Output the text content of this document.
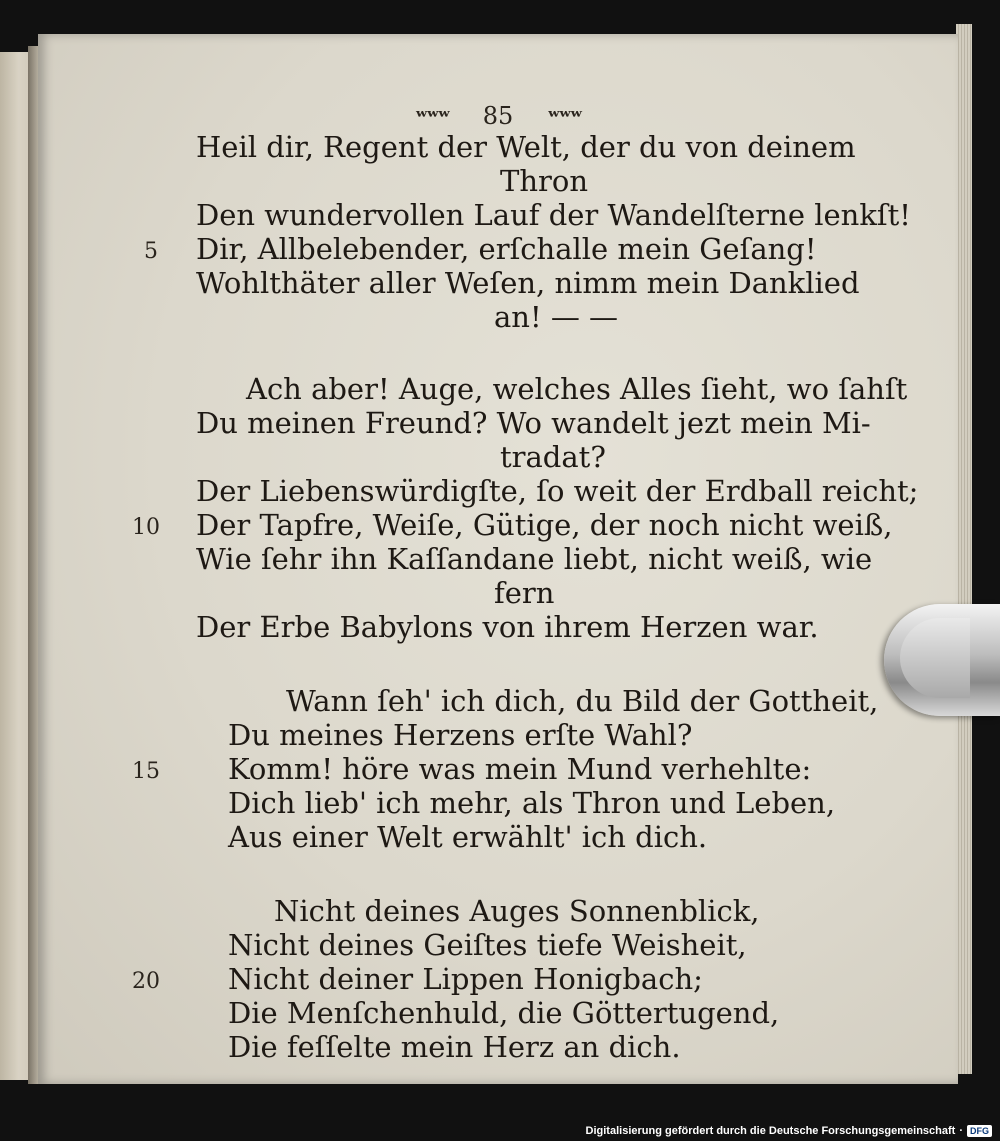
ʷʷʷ 85 ʷʷʷ
Heil dir, Regent der Welt, der du von deinem
Thron
Den wundervollen Lauf der Wandelſterne lenkſt!
Dir, Allbelebender, erſchalle mein Geſang!
Wohlthäter aller Weſen, nimm mein Danklied
an! — —
Ach aber! Auge, welches Alles ſieht, wo ſahſt
Du meinen Freund? Wo wandelt jezt mein Mi-
tradat?
Der Liebenswürdigſte, ſo weit der Erdball reicht;
Der Tapfre, Weiſe, Gütige, der noch nicht weiß,
Wie ſehr ihn Kaſſandane liebt, nicht weiß, wie
fern
Der Erbe Babylons von ihrem Herzen war.
Wann ſeh' ich dich, du Bild der Gottheit,
Du meines Herzens erſte Wahl?
Komm! höre was mein Mund verhehlte:
Dich lieb' ich mehr, als Thron und Leben,
Aus einer Welt erwählt' ich dich.
Nicht deines Auges Sonnenblick,
Nicht deines Geiſtes tiefe Weisheit,
Nicht deiner Lippen Honigbach;
Die Menſchenhuld, die Göttertugend,
Die feſſelte mein Herz an dich.
5
10
15
20
Digitalisierung gefördert durch die Deutsche Forschungsgemeinschaft · DFG
